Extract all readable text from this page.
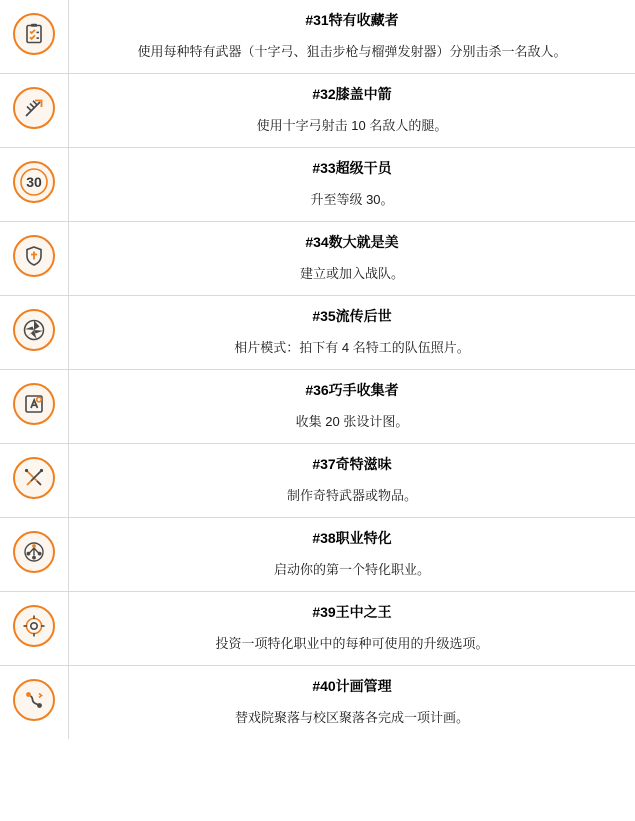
#31特有收藏者

使用每种特有武器（十字弓、狙击步枪与榴弹发射器）分别击杀一名敌人。

#32膝盖中箭

使用十字弓射击 10 名敌人的腿。

30	#33超级干员

升至等级 30。

#34数大就是美

建立或加入战队。

#35流传后世

相片模式：拍下有 4 名特工的队伍照片。

#36巧手收集者

收集 20 张设计图。

#37奇特滋味

制作奇特武器或物品。

#38职业特化

启动你的第一个特化职业。

#39王中之王

投资一项特化职业中的每种可使用的升级选项。

#40计画管理

替戏院聚落与校区聚落各完成一项计画。
